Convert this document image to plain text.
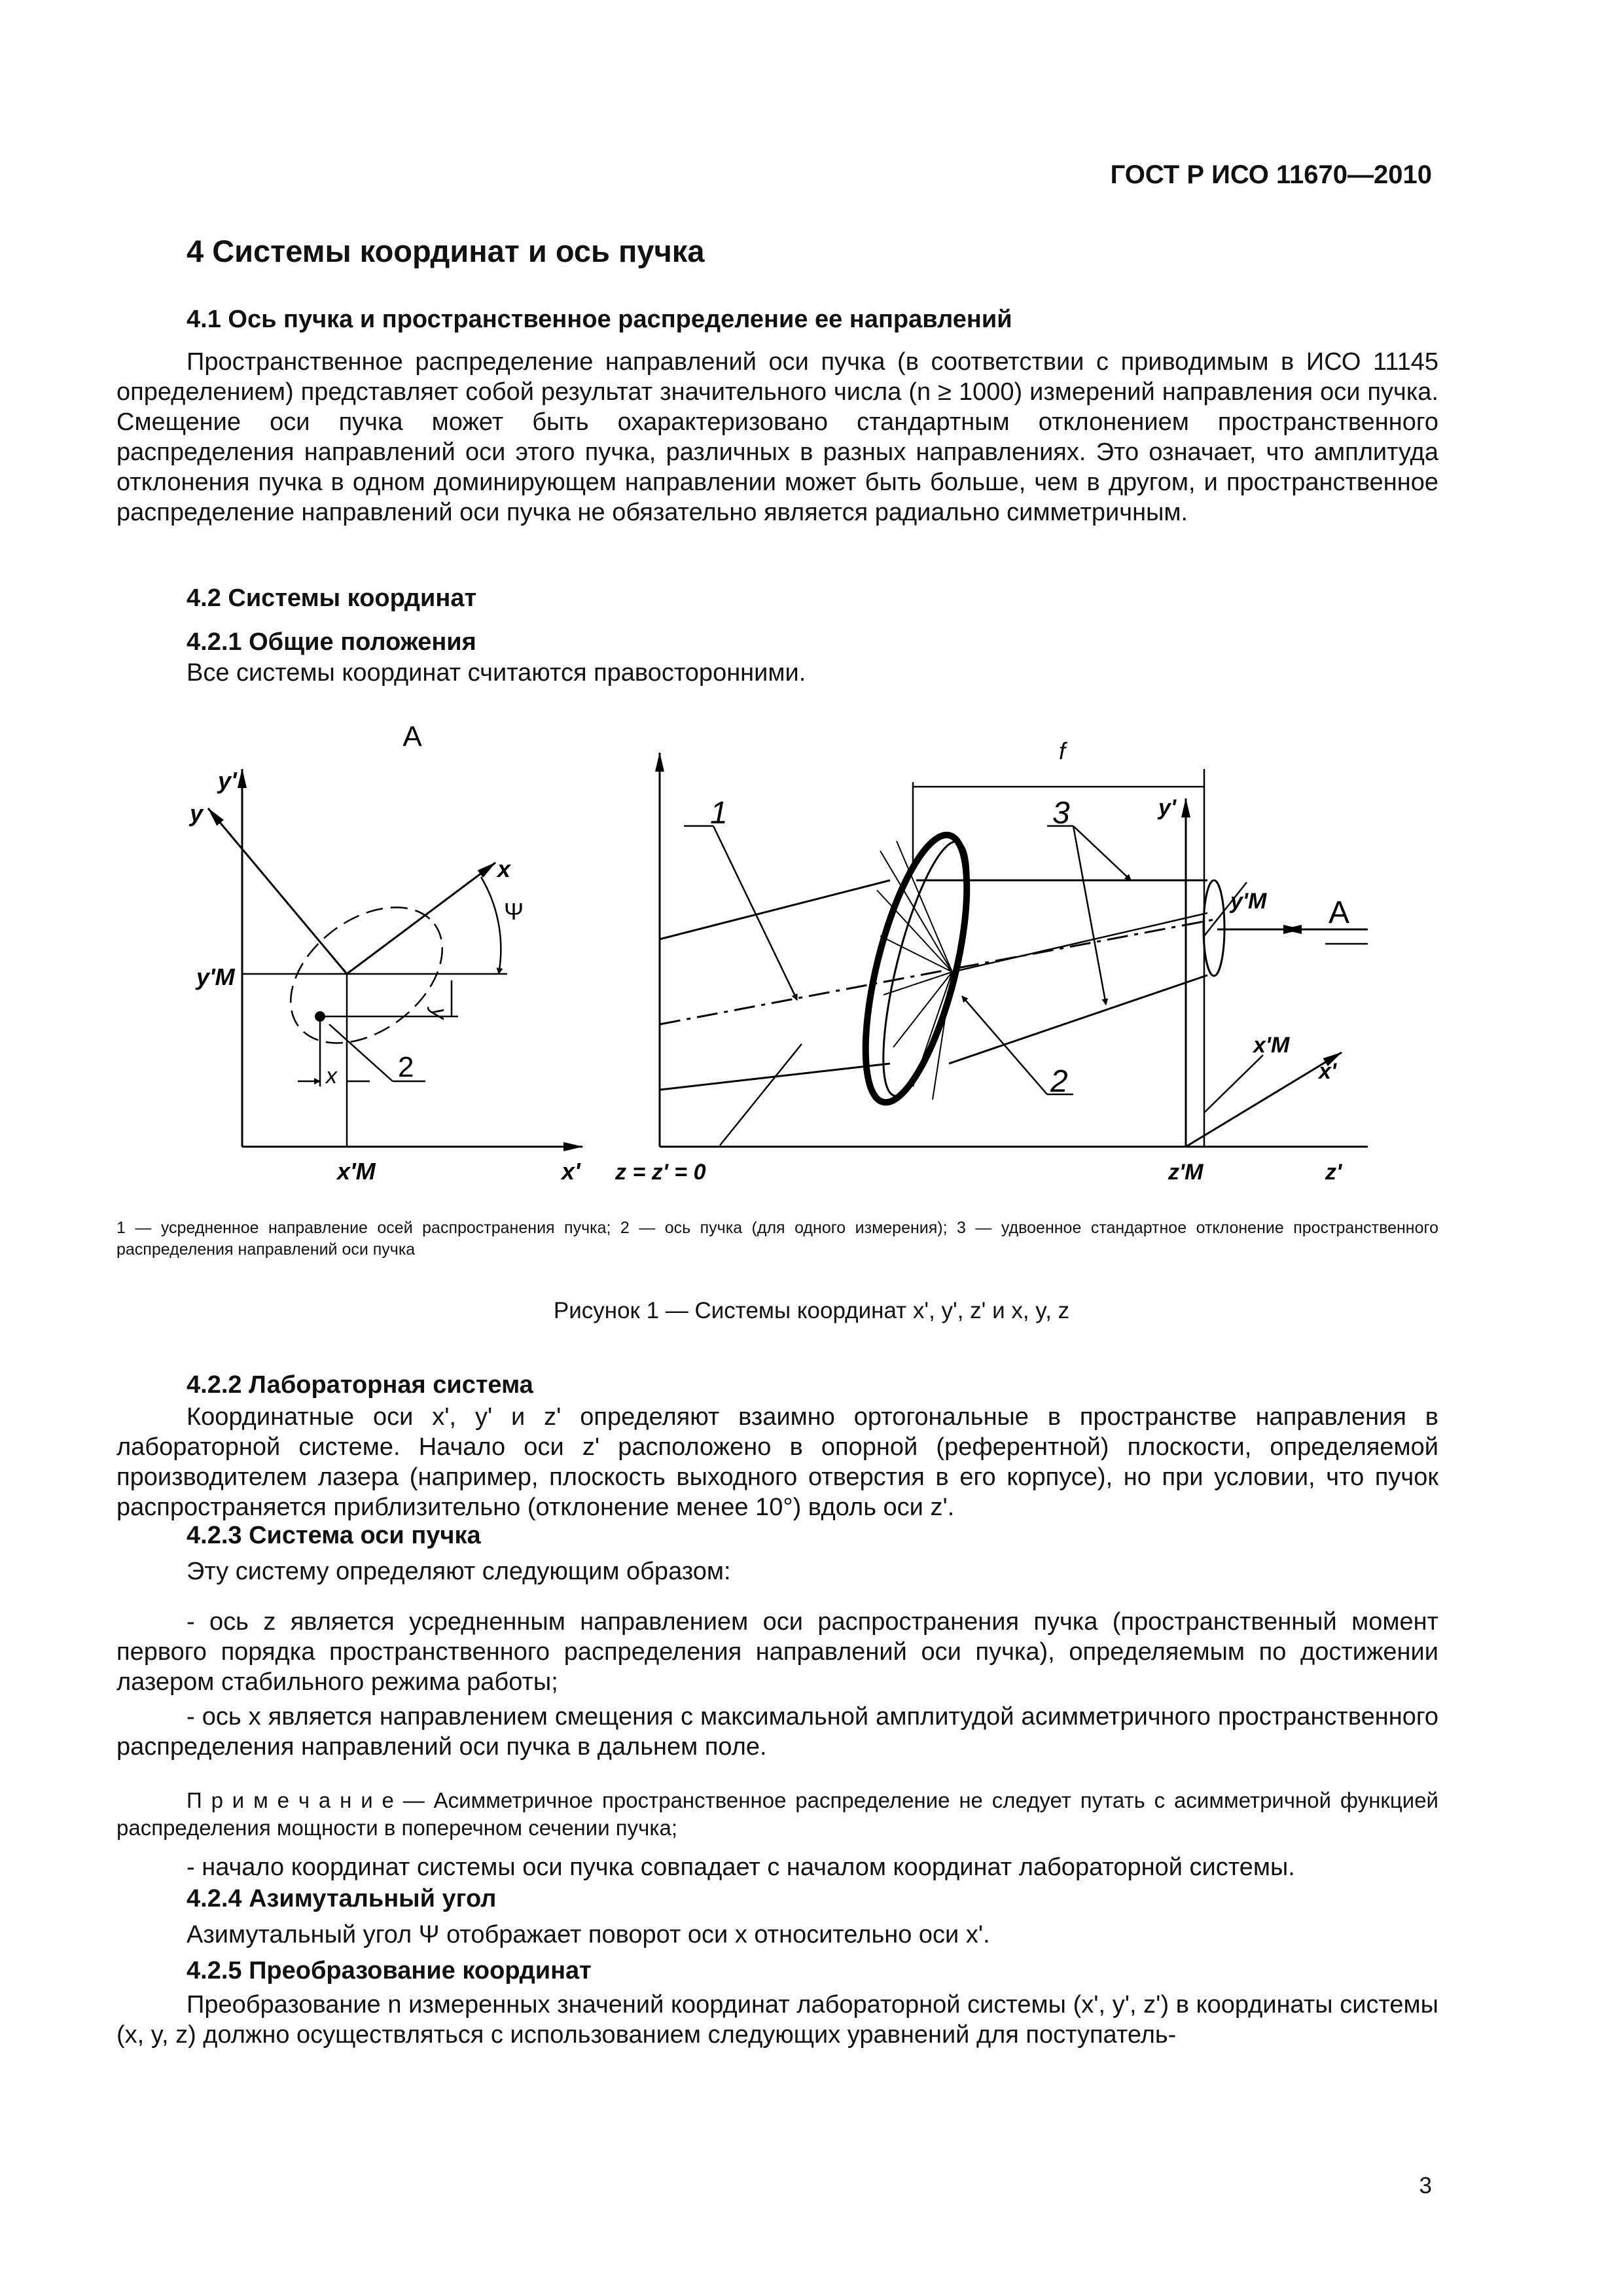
ГОСТ Р ИСО 11670—2010
4 Системы координат и ось пучка
4.1 Ось пучка и пространственное распределение ее направлений
Пространственное распределение направлений оси пучка (в соответствии с приводимым в ИСО 11145 определением) представляет собой результат значительного числа (n ≥ 1000) измерений направления оси пучка. Смещение оси пучка может быть охарактеризовано стандартным отклонением пространственного распределения направлений оси этого пучка, различных в разных направлениях. Это означает, что амплитуда отклонения пучка в одном доминирующем направлении может быть больше, чем в другом, и пространственное распределение направлений оси пучка не обязательно является радиально симметричным.
4.2 Системы координат
4.2.1 Общие положения
Все системы координат считаются правосторонними.
A
y'
y
x
Ψ
y'M
y
x 2
x'M	x'
f
1	3
2
y'
y'M A
x'M
x'
z = z' = 0	z'M	z'
1 — усредненное направление осей распространения пучка; 2 — ось пучка (для одного измерения); 3 — удвоенное стандартное отклонение пространственного распределения направлений оси пучка
Рисунок 1 — Системы координат x', y', z' и x, y, z
4.2.2 Лабораторная система
Координатные оси x', y' и z' определяют взаимно ортогональные в пространстве направления в лабораторной системе. Начало оси z' расположено в опорной (референтной) плоскости, определяемой производителем лазера (например, плоскость выходного отверстия в его корпусе), но при условии, что пучок распространяется приблизительно (отклонение менее 10°) вдоль оси z'.
4.2.3 Система оси пучка
Эту систему определяют следующим образом:
- ось z является усредненным направлением оси распространения пучка (пространственный момент первого порядка пространственного распределения направлений оси пучка), определяемым по достижении лазером стабильного режима работы;
- ось x является направлением смещения с максимальной амплитудой асимметричного пространственного распределения направлений оси пучка в дальнем поле.
П р и м е ч а н и е — Асимметричное пространственное распределение не следует путать с асимметричной функцией распределения мощности в поперечном сечении пучка;
- начало координат системы оси пучка совпадает с началом координат лабораторной системы.
4.2.4 Азимутальный угол
Азимутальный угол Ψ отображает поворот оси x относительно оси x'.
4.2.5 Преобразование координат
Преобразование n измеренных значений координат лабораторной системы (x', y', z') в координаты системы (x, y, z) должно осуществляться с использованием следующих уравнений для поступатель-
3
